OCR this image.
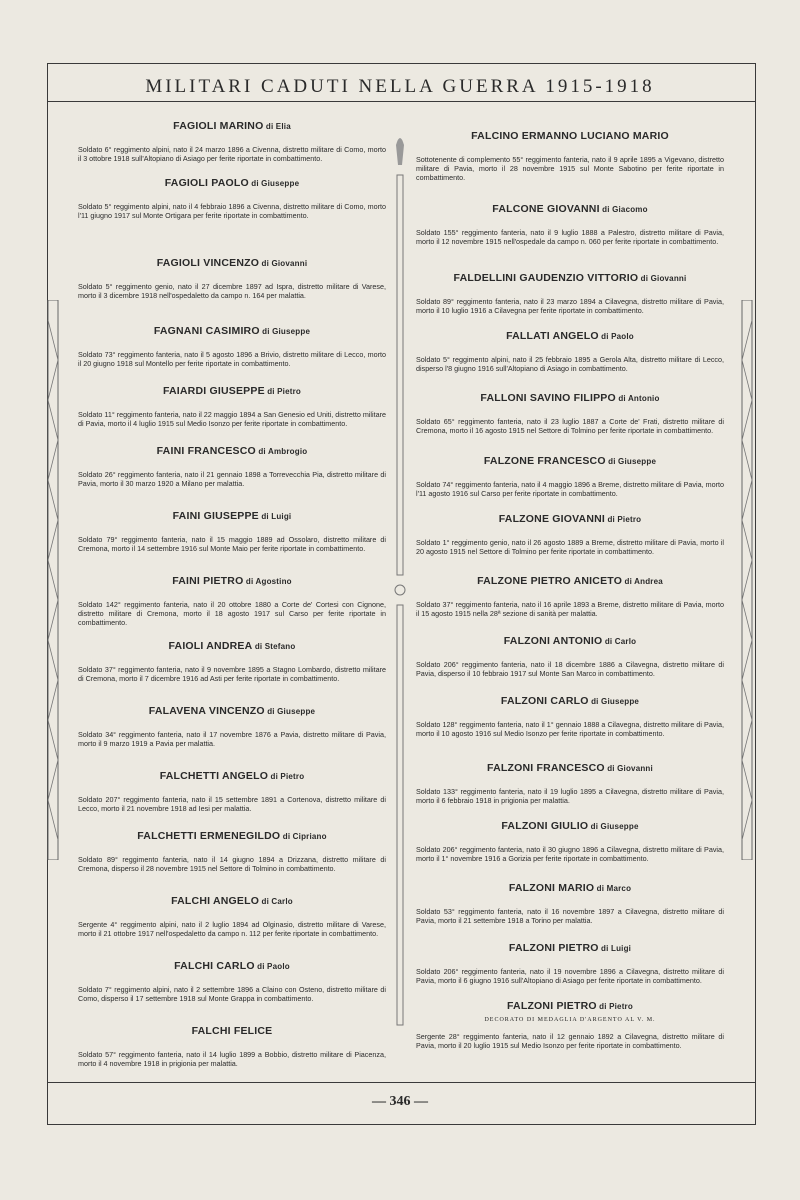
MILITARI CADUTI NELLA GUERRA 1915-1918
FAGIOLI MARINO di Elia
Soldato 6° reggimento alpini, nato il 24 marzo 1896 a Civenna, distretto militare di Como, morto il 3 ottobre 1918 sull'Altopiano di Asiago per ferite riportate in combattimento.
FAGIOLI PAOLO di Giuseppe
Soldato 5° reggimento alpini, nato il 4 febbraio 1896 a Civenna, distretto militare di Como, morto l'11 giugno 1917 sul Monte Ortigara per ferite riportate in combattimento.
FAGIOLI VINCENZO di Giovanni
Soldato 5° reggimento genio, nato il 27 dicembre 1897 ad Ispra, distretto militare di Varese, morto il 3 dicembre 1918 nell'ospedaletto da campo n. 164 per malattia.
FAGNANI CASIMIRO di Giuseppe
Soldato 73° reggimento fanteria, nato il 5 agosto 1896 a Brivio, distretto militare di Lecco, morto il 20 giugno 1918 sul Montello per ferite riportate in combattimento.
FAIARDI GIUSEPPE di Pietro
Soldato 11° reggimento fanteria, nato il 22 maggio 1894 a San Genesio ed Uniti, distretto militare di Pavia, morto il 4 luglio 1915 sul Medio Isonzo per ferite riportate in combattimento.
FAINI FRANCESCO di Ambrogio
Soldato 26° reggimento fanteria, nato il 21 gennaio 1898 a Torrevecchia Pia, distretto militare di Pavia, morto il 30 marzo 1920 a Milano per malattia.
FAINI GIUSEPPE di Luigi
Soldato 79° reggimento fanteria, nato il 15 maggio 1889 ad Ossolaro, distretto militare di Cremona, morto il 14 settembre 1916 sul Monte Maio per ferite riportate in combattimento.
FAINI PIETRO di Agostino
Soldato 142° reggimento fanteria, nato il 20 ottobre 1880 a Corte de' Cortesi con Cignone, distretto militare di Cremona, morto il 18 agosto 1917 sul Carso per ferite riportate in combattimento.
FAIOLI ANDREA di Stefano
Soldato 37° reggimento fanteria, nato il 9 novembre 1895 a Stagno Lombardo, distretto militare di Cremona, morto il 7 dicembre 1916 ad Asti per ferite riportate in combattimento.
FALAVENA VINCENZO di Giuseppe
Soldato 34° reggimento fanteria, nato il 17 novembre 1876 a Pavia, distretto militare di Pavia, morto il 9 marzo 1919 a Pavia per malattia.
FALCHETTI ANGELO di Pietro
Soldato 207° reggimento fanteria, nato il 15 settembre 1891 a Cortenova, distretto militare di Lecco, morto il 21 novembre 1918 ad Iesi per malattia.
FALCHETTI ERMENEGILDO di Cipriano
Soldato 89° reggimento fanteria, nato il 14 giugno 1894 a Drizzana, distretto militare di Cremona, disperso il 28 novembre 1915 nel Settore di Tolmino in combattimento.
FALCHI ANGELO di Carlo
Sergente 4° reggimento alpini, nato il 2 luglio 1894 ad Olginasio, distretto militare di Varese, morto il 21 ottobre 1917 nell'ospedaletto da campo n. 112 per ferite riportate in combattimento.
FALCHI CARLO di Paolo
Soldato 7° reggimento alpini, nato il 2 settembre 1896 a Claino con Osteno, distretto militare di Como, disperso il 17 settembre 1918 sul Monte Grappa in combattimento.
FALCHI FELICE
Soldato 57° reggimento fanteria, nato il 14 luglio 1899 a Bobbio, distretto militare di Piacenza, morto il 4 novembre 1918 in prigionia per malattia.
FALCINO ERMANNO LUCIANO MARIO
Sottotenente di complemento 55° reggimento fanteria, nato il 9 aprile 1895 a Vigevano, distretto militare di Pavia, morto il 28 novembre 1915 sul Monte Sabotino per ferite riportate in combattimento.
FALCONE GIOVANNI di Giacomo
Soldato 155° reggimento fanteria, nato il 9 luglio 1888 a Palestro, distretto militare di Pavia, morto il 12 novembre 1915 nell'ospedale da campo n. 060 per ferite riportate in combattimento.
FALDELLINI GAUDENZIO VITTORIO di Giovanni
Soldato 89° reggimento fanteria, nato il 23 marzo 1894 a Cilavegna, distretto militare di Pavia, morto il 10 luglio 1916 a Cilavegna per ferite riportate in combattimento.
FALLATI ANGELO di Paolo
Soldato 5° reggimento alpini, nato il 25 febbraio 1895 a Gerola Alta, distretto militare di Lecco, disperso l'8 giugno 1916 sull'Altopiano di Asiago in combattimento.
FALLONI SAVINO FILIPPO di Antonio
Soldato 65° reggimento fanteria, nato il 23 luglio 1887 a Corte de' Frati, distretto militare di Cremona, morto il 16 agosto 1915 nel Settore di Tolmino per ferite riportate in combattimento.
FALZONE FRANCESCO di Giuseppe
Soldato 74° reggimento fanteria, nato il 4 maggio 1896 a Breme, distretto militare di Pavia, morto l'11 agosto 1916 sul Carso per ferite riportate in combattimento.
FALZONE GIOVANNI di Pietro
Soldato 1° reggimento genio, nato il 26 agosto 1889 a Breme, distretto militare di Pavia, morto il 20 agosto 1915 nel Settore di Tolmino per ferite riportate in combattimento.
FALZONE PIETRO ANICETO di Andrea
Soldato 37° reggimento fanteria, nato il 16 aprile 1893 a Breme, distretto militare di Pavia, morto il 15 agosto 1915 nella 28ª sezione di sanità per malattia.
FALZONI ANTONIO di Carlo
Soldato 206° reggimento fanteria, nato il 18 dicembre 1886 a Cilavegna, distretto militare di Pavia, disperso il 10 febbraio 1917 sul Monte San Marco in combattimento.
FALZONI CARLO di Giuseppe
Soldato 128° reggimento fanteria, nato il 1° gennaio 1888 a Cilavegna, distretto militare di Pavia, morto il 10 agosto 1916 sul Medio Isonzo per ferite riportate in combattimento.
FALZONI FRANCESCO di Giovanni
Soldato 133° reggimento fanteria, nato il 19 luglio 1895 a Cilavegna, distretto militare di Pavia, morto il 6 febbraio 1918 in prigionia per malattia.
FALZONI GIULIO di Giuseppe
Soldato 206° reggimento fanteria, nato il 30 giugno 1896 a Cilavegna, distretto militare di Pavia, morto il 1° novembre 1916 a Gorizia per ferite riportate in combattimento.
FALZONI MARIO di Marco
Soldato 53° reggimento fanteria, nato il 16 novembre 1897 a Cilavegna, distretto militare di Pavia, morto il 21 settembre 1918 a Torino per malattia.
FALZONI PIETRO di Luigi
Soldato 206° reggimento fanteria, nato il 19 novembre 1896 a Cilavegna, distretto militare di Pavia, morto il 6 giugno 1916 sull'Altopiano di Asiago per ferite riportate in combattimento.
FALZONI PIETRO di Pietro
DECORATO DI MEDAGLIA D'ARGENTO AL V. M.
Sergente 28° reggimento fanteria, nato il 12 gennaio 1892 a Cilavegna, distretto militare di Pavia, morto il 20 luglio 1915 sul Medio Isonzo per ferite riportate in combattimento.
— 346 —
